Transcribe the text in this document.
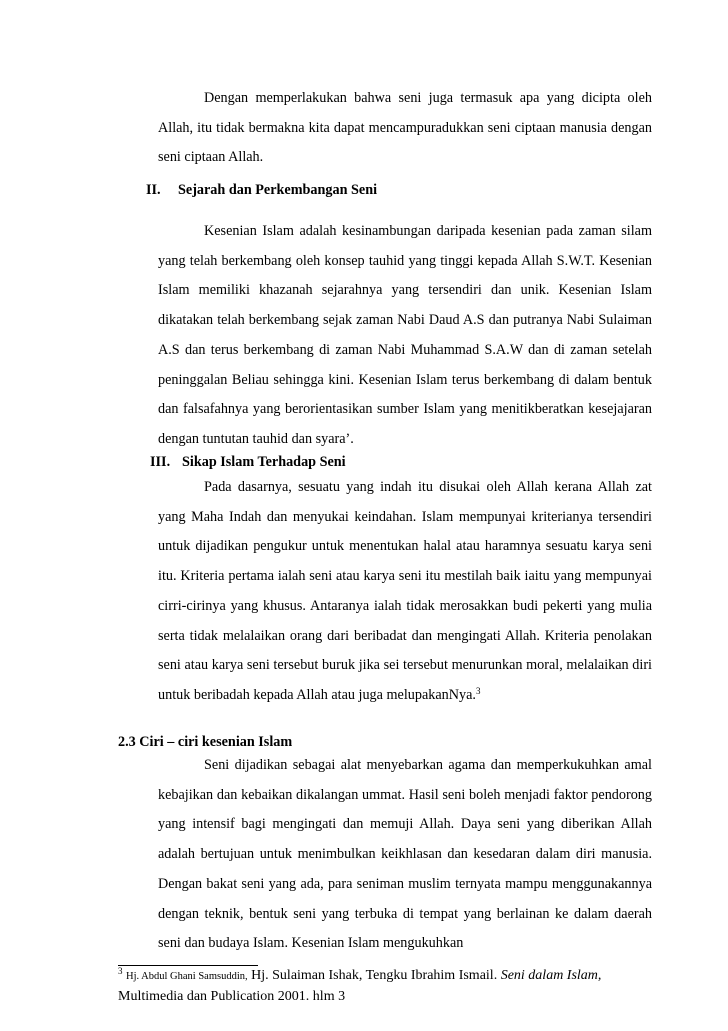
Dengan memperlakukan bahwa seni juga termasuk apa yang dicipta oleh Allah, itu tidak bermakna kita dapat mencampuradukkan seni ciptaan manusia dengan seni ciptaan Allah.

II. Sejarah dan Perkembangan Seni

Kesenian Islam adalah kesinambungan daripada kesenian pada zaman silam yang telah berkembang oleh konsep tauhid yang tinggi kepada Allah S.W.T. Kesenian Islam memiliki khazanah sejarahnya yang tersendiri dan unik. Kesenian Islam dikatakan telah berkembang sejak zaman Nabi Daud A.S dan putranya Nabi Sulaiman A.S dan terus berkembang di zaman Nabi Muhammad S.A.W dan di zaman setelah peninggalan Beliau sehingga kini. Kesenian Islam terus berkembang di dalam bentuk dan falsafahnya yang berorientasikan sumber Islam yang menitikberatkan kesejajaran dengan tuntutan tauhid dan syara’.

III. Sikap Islam Terhadap Seni

Pada dasarnya, sesuatu yang indah itu disukai oleh Allah kerana Allah zat yang Maha Indah dan menyukai keindahan. Islam mempunyai kriterianya tersendiri untuk dijadikan pengukur untuk menentukan halal atau haramnya sesuatu karya seni itu. Kriteria pertama ialah seni atau karya seni itu mestilah baik iaitu yang mempunyai cirri-cirinya yang khusus. Antaranya ialah tidak merosakkan budi pekerti yang mulia serta tidak melalaikan orang dari beribadat dan mengingati Allah. Kriteria penolakan seni atau karya seni tersebut buruk jika sei tersebut menurunkan moral, melalaikan diri untuk beribadah kepada Allah atau juga melupakanNya.$^3$

2.3 Ciri – ciri kesenian Islam

Seni dijadikan sebagai alat menyebarkan agama dan memperkukuhkan amal kebajikan dan kebaikan dikalangan ummat. Hasil seni boleh menjadi faktor pendorong yang intensif bagi mengingati dan memuji Allah. Daya seni yang diberikan Allah adalah bertujuan untuk menimbulkan keikhlasan dan kesedaran dalam diri manusia. Dengan bakat seni yang ada, para seniman muslim ternyata mampu menggunakannya dengan teknik, bentuk seni yang terbuka di tempat yang berlainan ke dalam daerah seni dan budaya Islam. Kesenian Islam mengukuhkan

$^3$ Hj. Abdul Ghani Samsuddin, Hj. Sulaiman Ishak, Tengku Ibrahim Ismail. Seni dalam Islam,
Multimedia dan Publication 2001. hlm 3
